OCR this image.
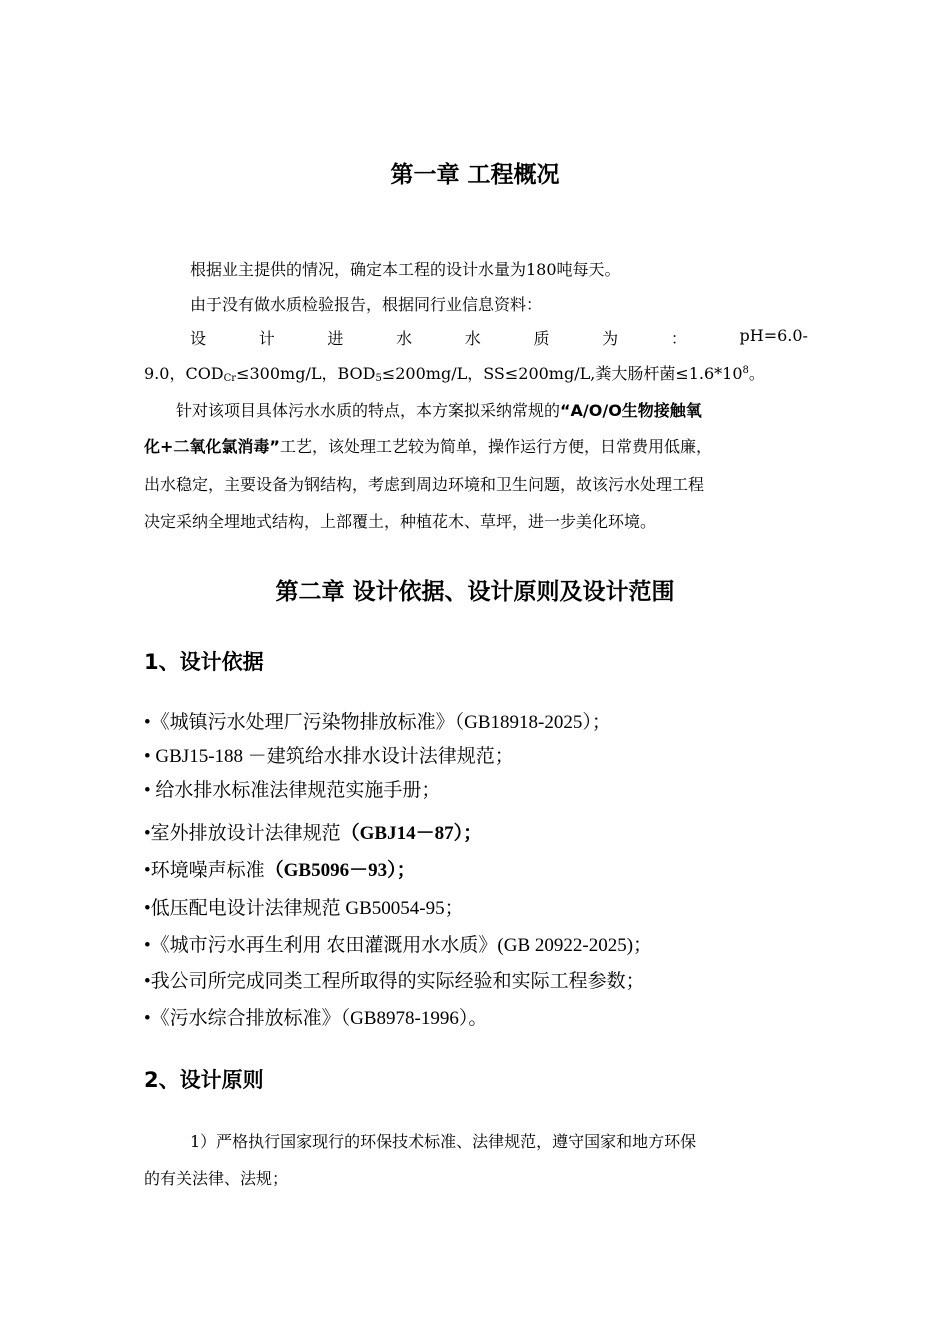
第一章 工程概况
根据业主提供的情况，确定本工程的设计水量为180吨每天。
由于没有做水质检验报告，根据同行业信息资料：
设	计	进	水	水	质	为	：	pH=6.0-
9.0，$COD_{Cr}\le 300mg/L$，$BOD_5\le 200mg/L$，SS≤200mg/L,粪大肠杆菌$\le 1.6*10^8$。
针对该项目具体污水水质的特点，本方案拟采纳常规的“A/O/O生物接触氧
化+二氧化氯消毒”工艺，该处理工艺较为简单，操作运行方便，日常费用低廉，
出水稳定，主要设备为钢结构，考虑到周边环境和卫生问题，故该污水处理工程
决定采纳全埋地式结构，上部覆土，种植花木、草坪，进一步美化环境。
第二章 设计依据、设计原则及设计范围
1、设计依据
•《城镇污水处理厂污染物排放标准》（GB18918-2025）；
• GBJ15-188 －建筑给水排水设计法律规范；
• 给水排水标准法律规范实施手册；
•室外排放设计法律规范（GBJ14－87）；
•环境噪声标准（GB5096－93）；
•低压配电设计法律规范 GB50054-95；
•《城市污水再生利用 农田灌溉用水水质》(GB 20922-2025)；
•我公司所完成同类工程所取得的实际经验和实际工程参数；
•《污水综合排放标准》（GB8978-1996）。
2、设计原则
1）严格执行国家现行的环保技术标准、法律规范，遵守国家和地方环保
的有关法律、法规；
